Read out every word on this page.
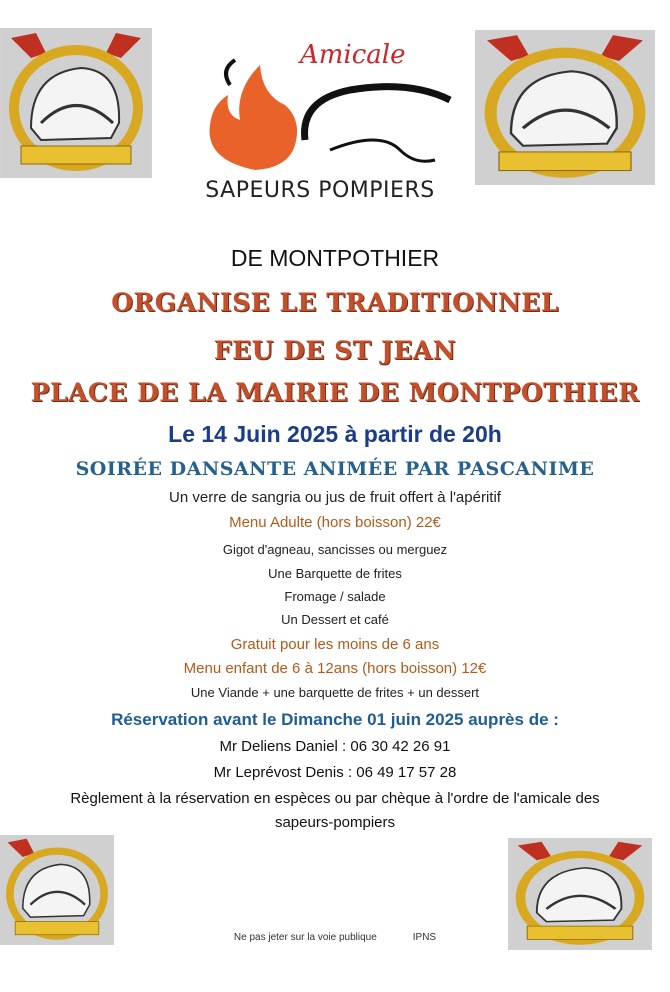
Amicale
SAPEURS POMPIERS
DE MONTPOTHIER
ORGANISE LE TRADITIONNEL
FEU DE ST JEAN
PLACE DE LA MAIRIE DE MONTPOTHIER
Le 14 Juin 2025 à partir de 20h
SOIRÉE DANSANTE ANIMÉE PAR PASCANIME
Un verre de sangria ou jus de fruit offert à l'apéritif
Menu Adulte (hors boisson) 22€
Gigot d'agneau, sancisses ou merguez
Une Barquette de frites
Fromage / salade
Un Dessert et café
Gratuit pour les moins de 6 ans
Menu enfant de 6 à 12ans (hors boisson) 12€
Une Viande + une barquette de frites + un dessert
Réservation avant le Dimanche 01 juin 2025 auprès de :
Mr Deliens Daniel : 06 30 42 26 91
Mr Leprévost Denis : 06 49 17 57 28
Règlement à la réservation en espèces ou par chèque à l'ordre de l'amicale des
sapeurs-pompiers
Ne pas jeter sur la voie publique	IPNS
